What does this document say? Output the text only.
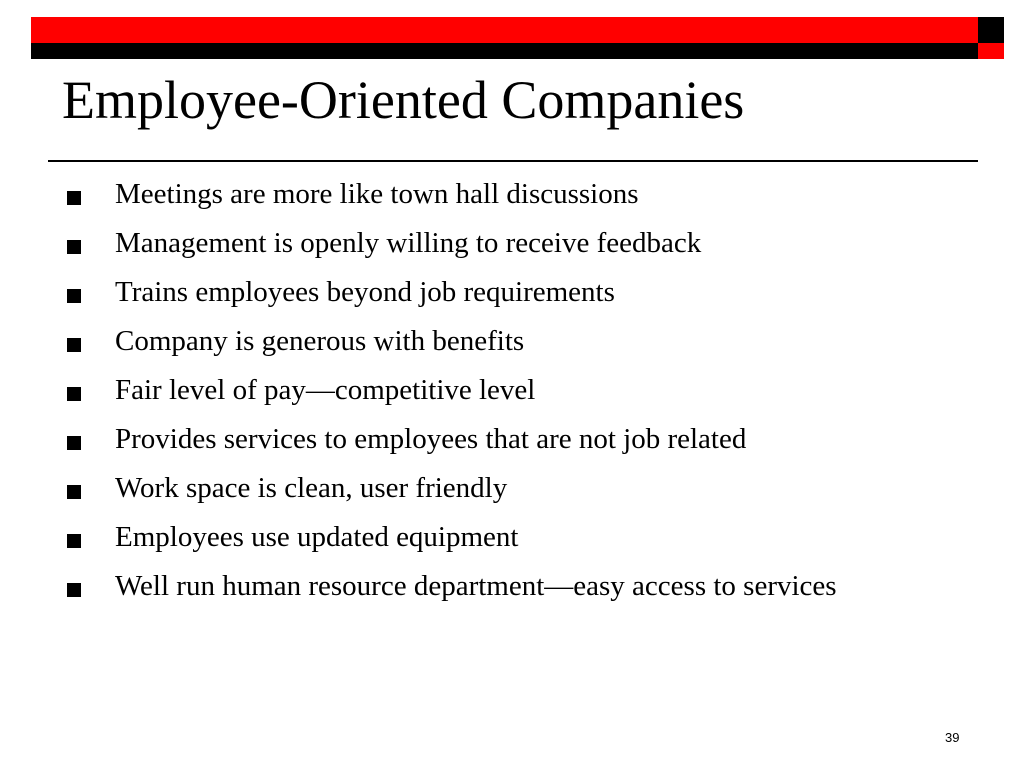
Employee-Oriented Companies
Meetings are more like town hall discussions
Management is openly willing to receive feedback
Trains employees beyond job requirements
Company is generous with benefits
Fair level of pay—competitive level
Provides services to employees that are not job related
Work space is clean, user friendly
Employees use updated equipment
Well run human resource department—easy access to services
39
